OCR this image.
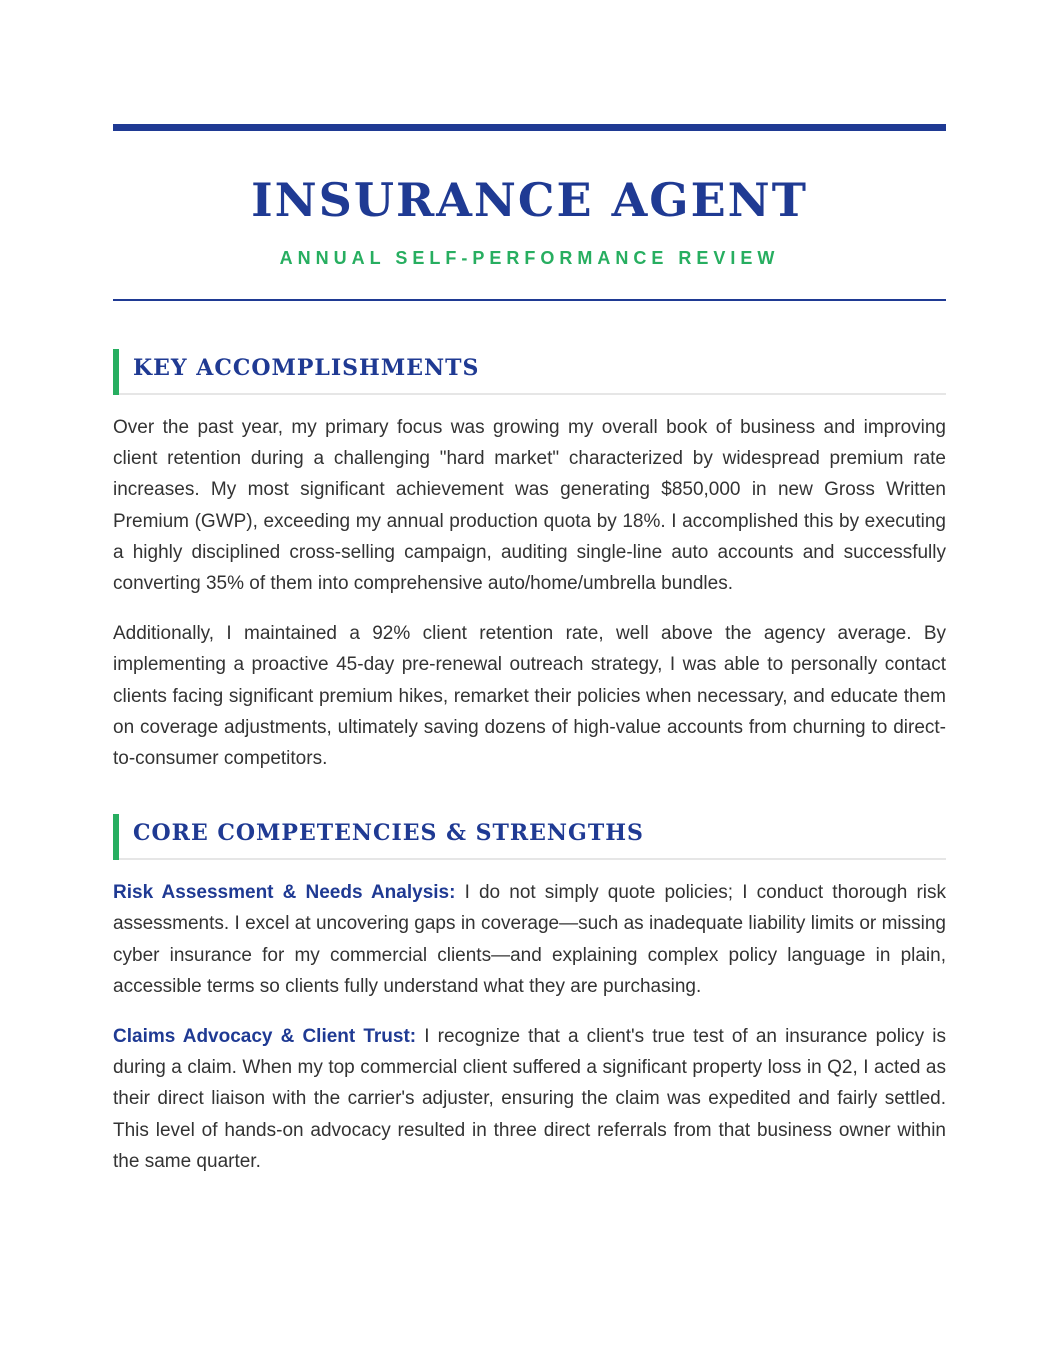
INSURANCE AGENT
ANNUAL SELF-PERFORMANCE REVIEW
KEY ACCOMPLISHMENTS

Over the past year, my primary focus was growing my overall book of business and improving client retention during a challenging "hard market" characterized by widespread premium rate increases. My most significant achievement was generating $850,000 in new Gross Written Premium (GWP), exceeding my annual production quota by 18%. I accomplished this by executing a highly disciplined cross-selling campaign, auditing single-line auto accounts and successfully converting 35% of them into comprehensive auto/home/umbrella bundles.

Additionally, I maintained a 92% client retention rate, well above the agency average. By implementing a proactive 45-day pre-renewal outreach strategy, I was able to personally contact clients facing significant premium hikes, remarket their policies when necessary, and educate them on coverage adjustments, ultimately saving dozens of high-value accounts from churning to direct-to-consumer competitors.

CORE COMPETENCIES & STRENGTHS

Risk Assessment & Needs Analysis: I do not simply quote policies; I conduct thorough risk assessments. I excel at uncovering gaps in coverage—such as inadequate liability limits or missing cyber insurance for my commercial clients—and explaining complex policy language in plain, accessible terms so clients fully understand what they are purchasing.

Claims Advocacy & Client Trust: I recognize that a client's true test of an insurance policy is during a claim. When my top commercial client suffered a significant property loss in Q2, I acted as their direct liaison with the carrier's adjuster, ensuring the claim was expedited and fairly settled. This level of hands-on advocacy resulted in three direct referrals from that business owner within the same quarter.
